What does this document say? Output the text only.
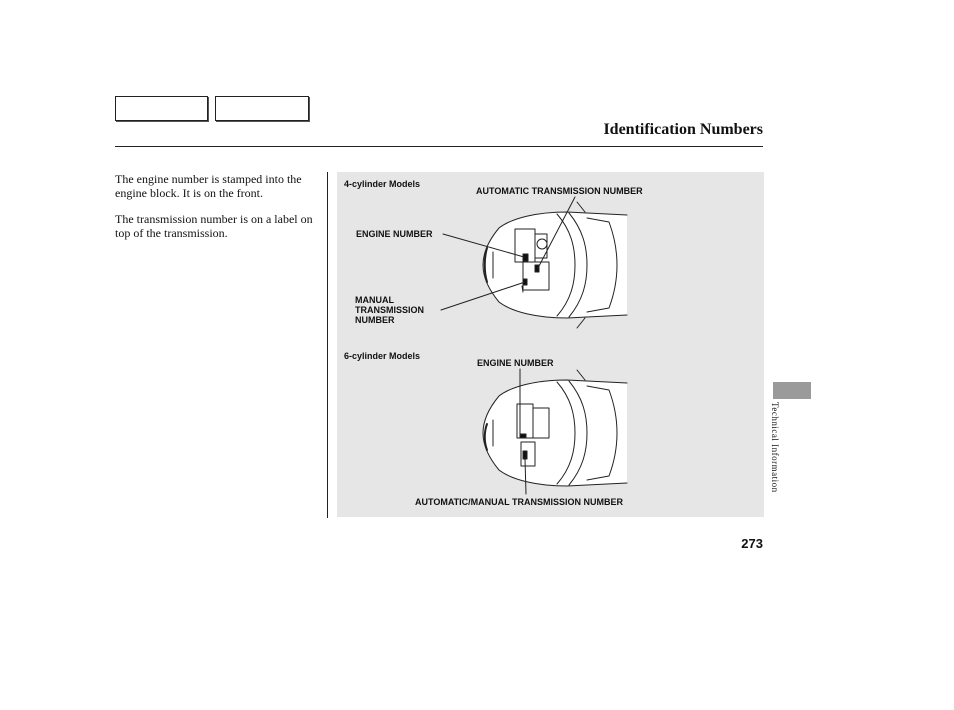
Identification Numbers
The engine number is stamped into the engine block. It is on the front.
The transmission number is on a label on top of the transmission.
4-cylinder Models
AUTOMATIC TRANSMISSION NUMBER
ENGINE NUMBER
MANUAL
TRANSMISSION
NUMBER
6-cylinder Models
ENGINE NUMBER
AUTOMATIC/MANUAL TRANSMISSION NUMBER
Technical Information
273
